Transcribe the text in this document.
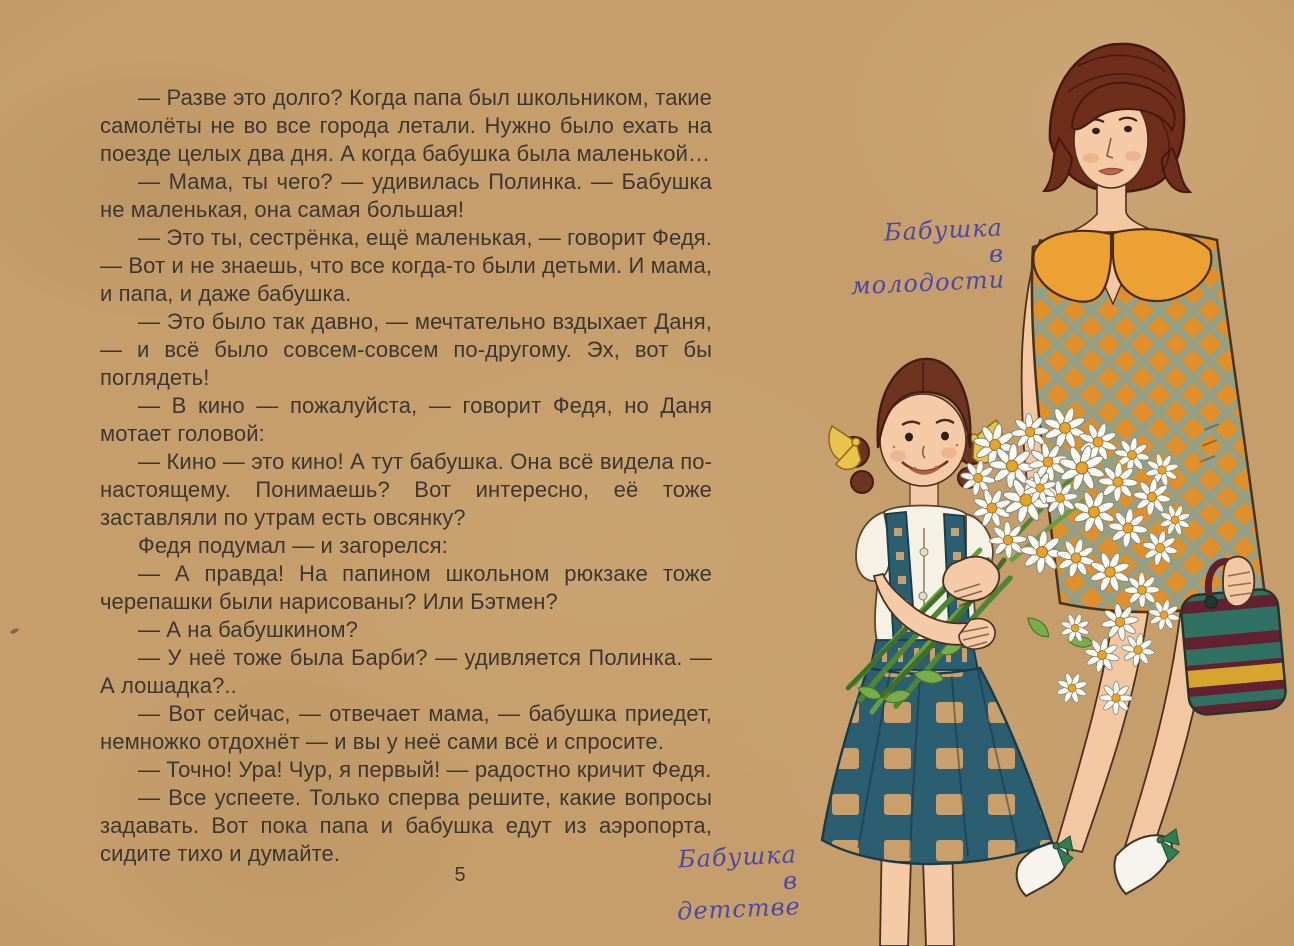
— Разве это долго? Когда папа был школьником, такие самолёты не во все города летали. Нужно было ехать на поезде целых два дня. А когда бабушка была маленькой…

— Мама, ты чего? — удивилась Полинка. — Бабушка не маленькая, она самая большая!

— Это ты, сестрёнка, ещё маленькая, — говорит Федя. — Вот и не знаешь, что все когда-то были детьми. И мама, и папа, и даже бабушка.

— Это было так давно, — мечтательно вздыхает Даня, — и всё было совсем-совсем по-другому. Эх, вот бы поглядеть!

— В кино — пожалуйста, — говорит Федя, но Даня мотает головой:

— Кино — это кино! А тут бабушка. Она всё видела по-настоящему. Понимаешь? Вот интересно, её тоже заставляли по утрам есть овсянку?

Федя подумал — и загорелся:

— А правда! На папином школьном рюкзаке тоже черепашки были нарисованы? Или Бэтмен?

— А на бабушкином?

— У неё тоже была Барби? — удивляется Полинка. — А лошадка?..

— Вот сейчас, — отвечает мама, — бабушка приедет, немножко отдохнёт — и вы у неё сами всё и спросите.

— Точно! Ура! Чур, я первый! — радостно кричит Федя.

— Все успеете. Только сперва решите, какие вопросы задавать. Вот пока папа и бабушка едут из аэропорта, сидите тихо и думайте.

5
Бабушка
в молодости
Бабушка
в детстве
